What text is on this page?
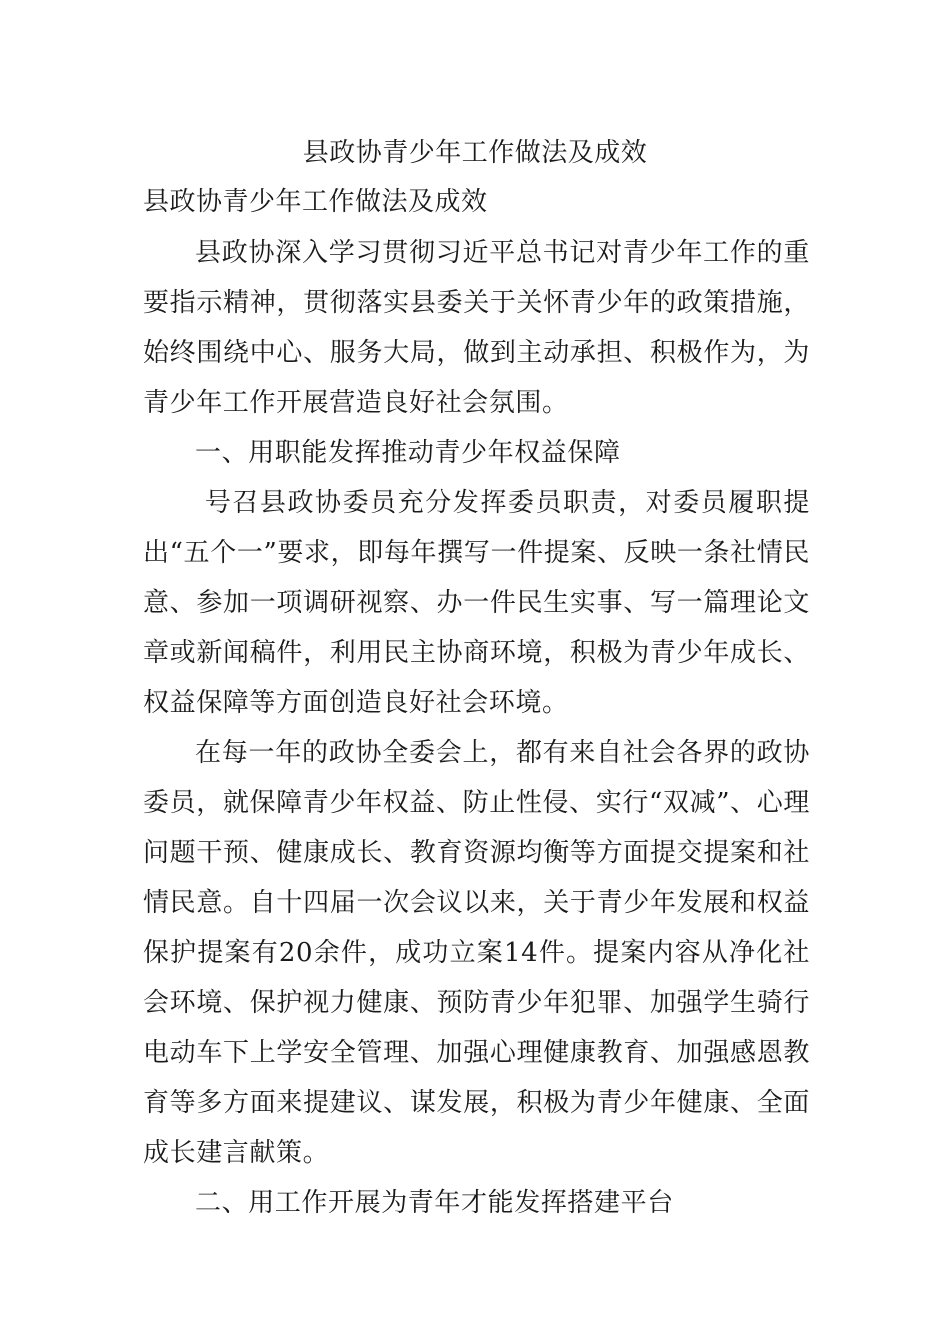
县政协青少年工作做法及成效
县政协青少年工作做法及成效

县政协深入学习贯彻习近平总书记对青少年工作的重要指示精神，贯彻落实县委关于关怀青少年的政策措施，始终围绕中心、服务大局，做到主动承担、积极作为，为青少年工作开展营造良好社会氛围。

一、用职能发挥推动青少年权益保障

号召县政协委员充分发挥委员职责，对委员履职提出“五个一”要求，即每年撰写一件提案、反映一条社情民意、参加一项调研视察、办一件民生实事、写一篇理论文章或新闻稿件，利用民主协商环境，积极为青少年成长、权益保障等方面创造良好社会环境。

在每一年的政协全委会上，都有来自社会各界的政协委员，就保障青少年权益、防止性侵、实行“双减”、心理问题干预、健康成长、教育资源均衡等方面提交提案和社情民意。自十四届一次会议以来，关于青少年发展和权益保护提案有20余件，成功立案14件。提案内容从净化社会环境、保护视力健康、预防青少年犯罪、加强学生骑行电动车下上学安全管理、加强心理健康教育、加强感恩教育等多方面来提建议、谋发展，积极为青少年健康、全面成长建言献策。

二、用工作开展为青年才能发挥搭建平台
